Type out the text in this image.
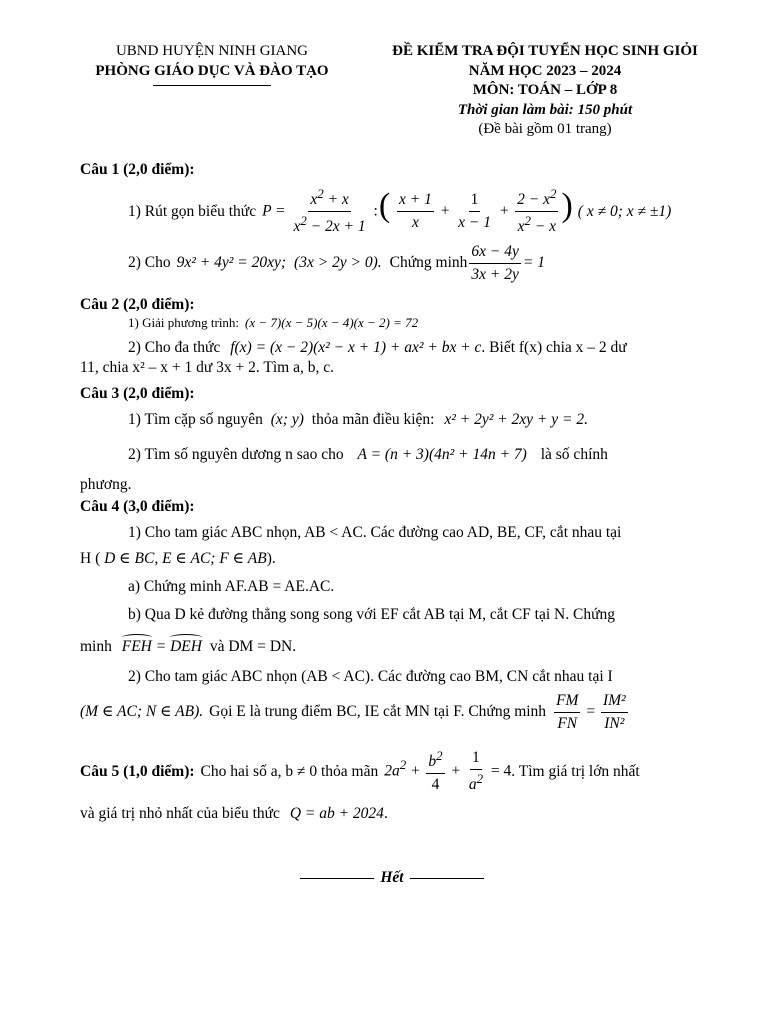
UBND HUYỆN NINH GIANG
PHÒNG GIÁO DỤC VÀ ĐÀO TẠO
ĐỀ KIỂM TRA ĐỘI TUYỂN HỌC SINH GIỎI
NĂM HỌC 2023 – 2024
MÔN: TOÁN – LỚP 8
Thời gian làm bài: 150 phút
(Đề bài gồm 01 trang)

Câu 1 (2,0 điểm):

1) Rút gọn biểu thức $P = \frac{x^2 + x}{x^2 - 2x + 1}$ :( $\frac{x + 1}{x} + \frac{1}{x - 1} + \frac{2 - x^2}{x^2 - x}$ ) ( x ≠ 0; x ≠ ±1)
2) Cho 9x² + 4y² = 20xy; (3x > 2y > 0). Chứng minh $\frac{6x - 4y}{3x + 2y} = 1$

Câu 2 (2,0 điểm):

1) Giải phương trình: (x − 7)(x − 5)(x − 4)(x − 2) = 72
2) Cho đa thức f(x) = (x − 2)(x² − x + 1) + ax² + bx + c. Biết f(x) chia x – 2 dư
11, chia x² – x + 1 dư 3x + 2. Tìm a, b, c.

Câu 3 (2,0 điểm):

1) Tìm cặp số nguyên (x; y) thỏa mãn điều kiện: x² + 2y² + 2xy + y = 2.
2) Tìm số nguyên dương n sao cho A = (n + 3)(4n² + 14n + 7) là số chính
phương.

Câu 4 (3,0 điểm):

1) Cho tam giác ABC nhọn, AB < AC. Các đường cao AD, BE, CF, cắt nhau tại
H ( D ∈ BC, E ∈ AC; F ∈ AB).
a) Chứng minh AF.AB = AE.AC.
b) Qua D kẻ đường thẳng song song với EF cắt AB tại M, cắt CF tại N. Chứng
minh FEH = DEH và DM = DN.
2) Cho tam giác ABC nhọn (AB < AC). Các đường cao BM, CN cắt nhau tại I
(M ∈ AC; N ∈ AB). Gọi E là trung điểm BC, IE cắt MN tại F. Chứng minh $\frac{FM}{FN} = \frac{\text{IM²}}{\text{IN²}}$
Câu 5 (1,0 điểm): Cho hai số a, b ≠ 0 thỏa mãn $2a^2 + \frac{b^2}{4} + \frac{1}{a^2} = 4$ . Tìm giá trị lớn nhất
và giá trị nhỏ nhất của biểu thức Q = ab + 2024.
Hết
